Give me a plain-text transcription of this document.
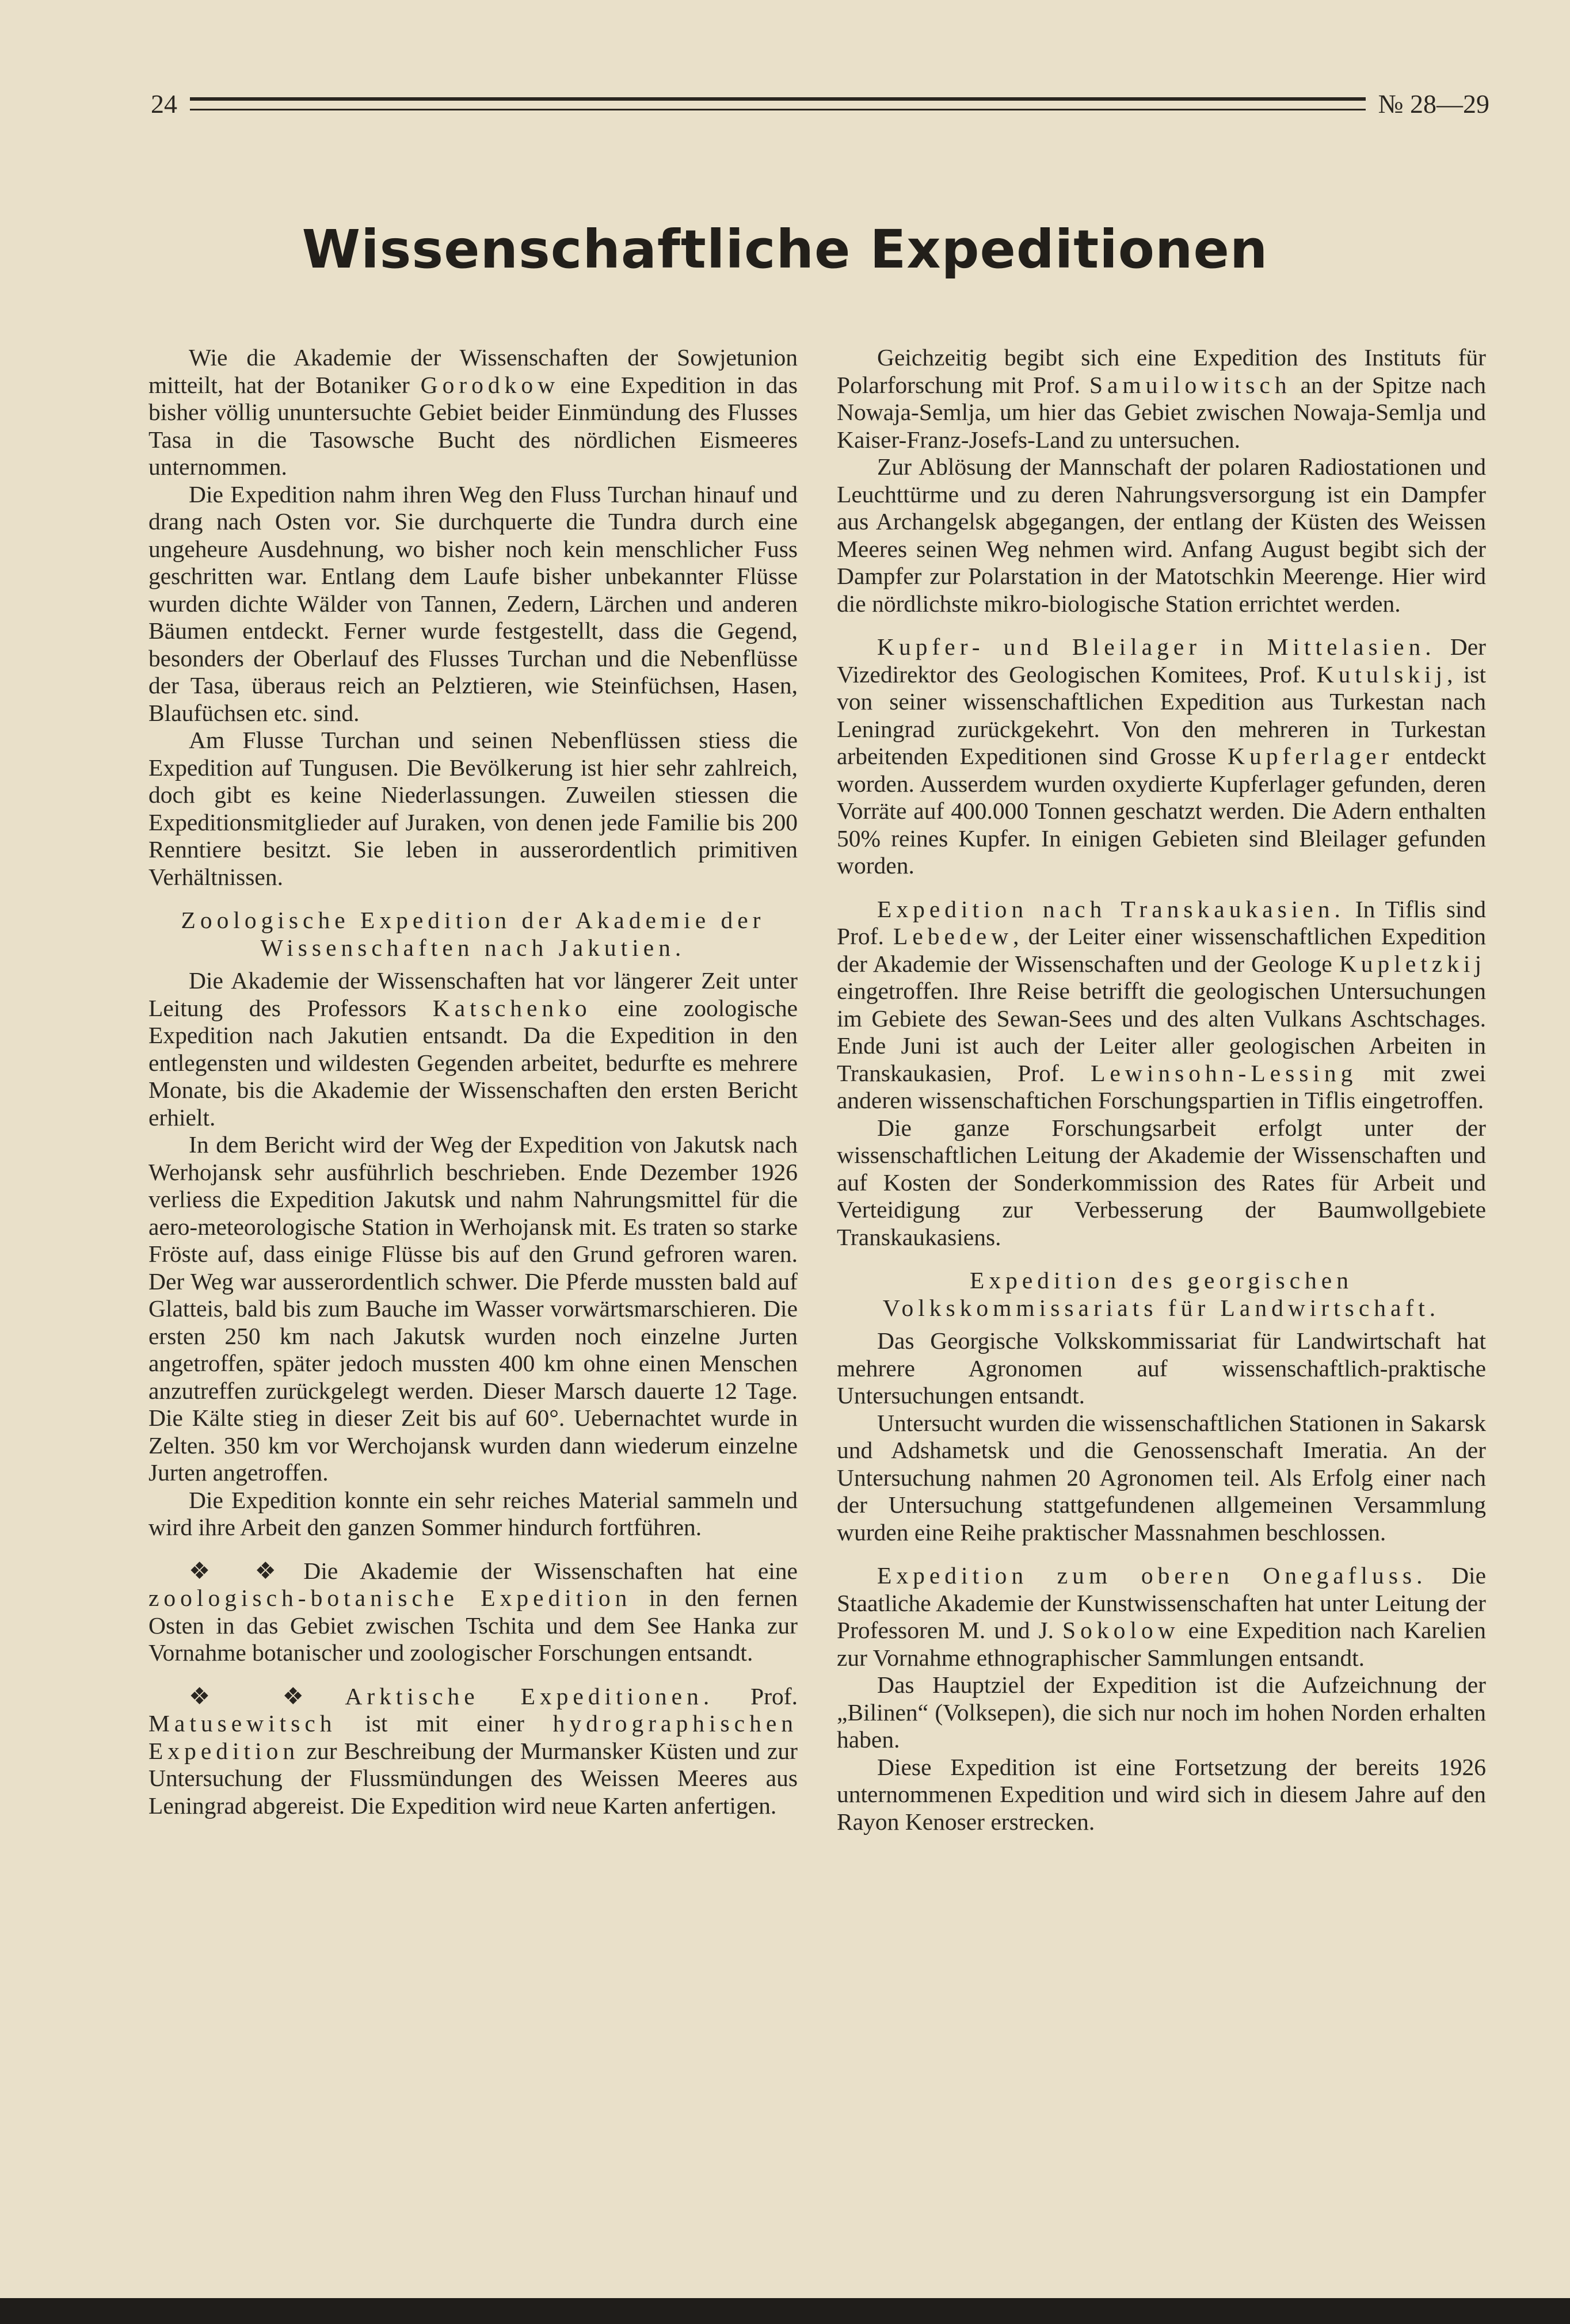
24	№ 28—29
Wissenschaftliche Expeditionen

Wie die Akademie der Wissenschaften der Sowjetunion mitteilt, hat der Botaniker Gorodkow eine Expedition in das bisher völlig ununtersuchte Gebiet beider Einmündung des Flusses Tasa in die Tasowsche Bucht des nördlichen Eismeeres unternommen.

Die Expedition nahm ihren Weg den Fluss Turchan hinauf und drang nach Osten vor. Sie durchquerte die Tundra durch eine ungeheure Ausdehnung, wo bisher noch kein menschlicher Fuss geschritten war. Entlang dem Laufe bisher unbekannter Flüsse wurden dichte Wälder von Tannen, Zedern, Lärchen und anderen Bäumen entdeckt. Ferner wurde festgestellt, dass die Gegend, besonders der Oberlauf des Flusses Turchan und die Nebenflüsse der Tasa, überaus reich an Pelztieren, wie Steinfüchsen, Hasen, Blaufüchsen etc. sind.

Am Flusse Turchan und seinen Nebenflüssen stiess die Expedition auf Tungusen. Die Bevölkerung ist hier sehr zahlreich, doch gibt es keine Niederlassungen. Zuweilen stiessen die Expeditionsmitglieder auf Juraken, von denen jede Familie bis 200 Renntiere besitzt. Sie leben in ausserordentlich primitiven Verhältnissen.

Zoologische Expedition der Akademie der Wissenschaften nach Jakutien.

Die Akademie der Wissenschaften hat vor längerer Zeit unter Leitung des Professors Katschenko eine zoologische Expedition nach Jakutien entsandt. Da die Expedition in den entlegensten und wildesten Gegenden arbeitet, bedurfte es mehrere Monate, bis die Akademie der Wissenschaften den ersten Bericht erhielt.

In dem Bericht wird der Weg der Expedition von Jakutsk nach Werhojansk sehr ausführlich beschrieben. Ende Dezember 1926 verliess die Expedition Jakutsk und nahm Nahrungsmittel für die aero-meteorologische Station in Werhojansk mit. Es traten so starke Fröste auf, dass einige Flüsse bis auf den Grund gefroren waren. Der Weg war ausserordentlich schwer. Die Pferde mussten bald auf Glatteis, bald bis zum Bauche im Wasser vorwärtsmarschieren. Die ersten 250 km nach Jakutsk wurden noch einzelne Jurten angetroffen, später jedoch mussten 400 km ohne einen Menschen anzutreffen zurückgelegt werden. Dieser Marsch dauerte 12 Tage. Die Kälte stieg in dieser Zeit bis auf 60°. Uebernachtet wurde in Zelten. 350 km vor Werchojansk wurden dann wiederum einzelne Jurten angetroffen.

Die Expedition konnte ein sehr reiches Material sammeln und wird ihre Arbeit den ganzen Sommer hindurch fortführen.

❖ ❖ Die Akademie der Wissenschaften hat eine zoologisch-botanische Expedition in den fernen Osten in das Gebiet zwischen Tschita und dem See Hanka zur Vornahme botanischer und zoologischer Forschungen entsandt.

❖ ❖ Arktische Expeditionen. Prof. Matusewitsch ist mit einer hydrographischen Expedition zur Beschreibung der Murmansker Küsten und zur Untersuchung der Flussmündungen des Weissen Meeres aus Leningrad abgereist. Die Expedition wird neue Karten anfertigen.

Geichzeitig begibt sich eine Expedition des Instituts für Polarforschung mit Prof. Samuilowitsch an der Spitze nach Nowaja-Semlja, um hier das Gebiet zwischen Nowaja-Semlja und Kaiser-Franz-Josefs-Land zu untersuchen.

Zur Ablösung der Mannschaft der polaren Radiostationen und Leuchttürme und zu deren Nahrungsversorgung ist ein Dampfer aus Archangelsk abgegangen, der entlang der Küsten des Weissen Meeres seinen Weg nehmen wird. Anfang August begibt sich der Dampfer zur Polarstation in der Matotschkin Meerenge. Hier wird die nördlichste mikro-biologische Station errichtet werden.

Kupfer- und Bleilager in Mittelasien. Der Vizedirektor des Geologischen Komitees, Prof. Kutulskij, ist von seiner wissenschaftlichen Expedition aus Turkestan nach Leningrad zurückgekehrt. Von den mehreren in Turkestan arbeitenden Expeditionen sind Grosse Kupferlager entdeckt worden. Ausserdem wurden oxydierte Kupferlager gefunden, deren Vorräte auf 400.000 Tonnen geschatzt werden. Die Adern enthalten 50% reines Kupfer. In einigen Gebieten sind Bleilager gefunden worden.

Expedition nach Transkaukasien. In Tiflis sind Prof. Lebedew, der Leiter einer wissenschaftlichen Expedition der Akademie der Wissenschaften und der Geologe Kupletzkij eingetroffen. Ihre Reise betrifft die geologischen Untersuchungen im Gebiete des Sewan-Sees und des alten Vulkans Aschtschages. Ende Juni ist auch der Leiter aller geologischen Arbeiten in Transkaukasien, Prof. Lewinsohn-Lessing mit zwei anderen wissenschaftichen Forschungspartien in Tiflis eingetroffen.

Die ganze Forschungsarbeit erfolgt unter der wissenschaftlichen Leitung der Akademie der Wissenschaften und auf Kosten der Sonderkommission des Rates für Arbeit und Verteidigung zur Verbesserung der Baumwollgebiete Transkaukasiens.

Expedition des georgischen Volkskommissariats für Landwirtschaft.

Das Georgische Volkskommissariat für Landwirtschaft hat mehrere Agronomen auf wissenschaftlich-praktische Untersuchungen entsandt.

Untersucht wurden die wissenschaftlichen Stationen in Sakarsk und Adshametsk und die Genossenschaft Imeratia. An der Untersuchung nahmen 20 Agronomen teil. Als Erfolg einer nach der Untersuchung stattgefundenen allgemeinen Versammlung wurden eine Reihe praktischer Massnahmen beschlossen.

Expedition zum oberen Onegafluss. Die Staatliche Akademie der Kunstwissenschaften hat unter Leitung der Professoren M. und J. Sokolow eine Expedition nach Karelien zur Vornahme ethnographischer Sammlungen entsandt.

Das Hauptziel der Expedition ist die Aufzeichnung der „Bilinen“ (Volksepen), die sich nur noch im hohen Norden erhalten haben.

Diese Expedition ist eine Fortsetzung der bereits 1926 unternommenen Expedition und wird sich in diesem Jahre auf den Rayon Kenoser erstrecken.
